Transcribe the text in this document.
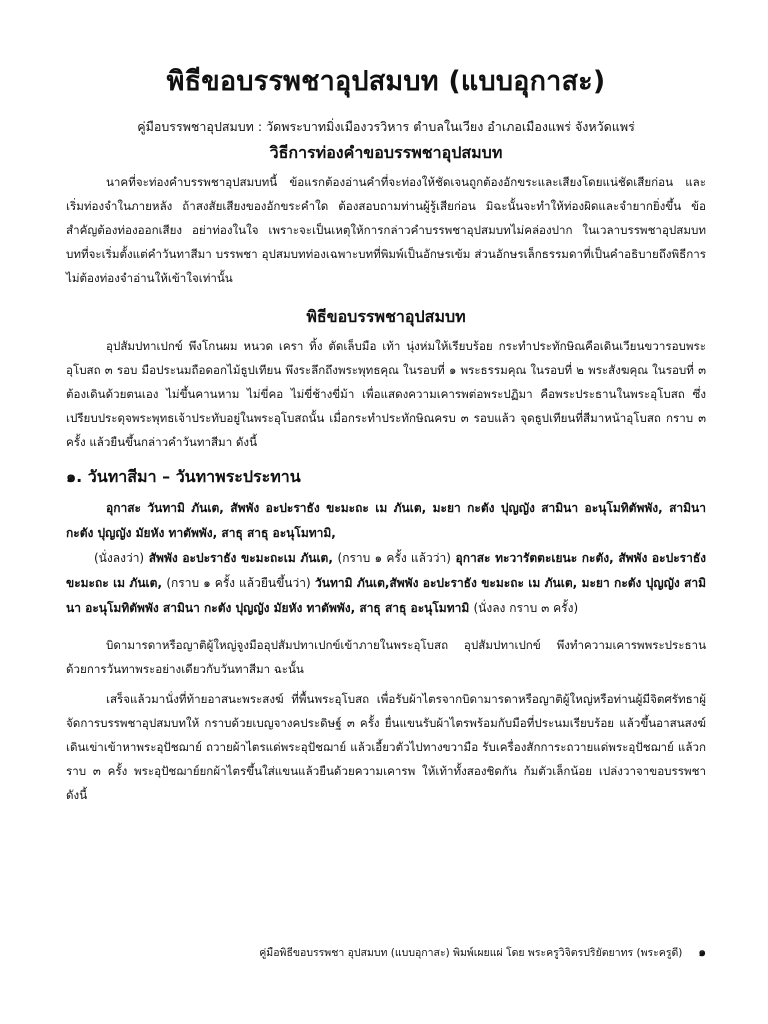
พิธีขอบรรพชาอุปสมบท (แบบอุกาสะ)

คู่มือบรรพชาอุปสมบท : วัดพระบาทมิ่งเมืองวรวิหาร ตำบลในเวียง อำเภอเมืองแพร่ จังหวัดแพร่

วิธีการท่องคำขอบรรพชาอุปสมบท

นาคที่จะท่องคำบรรพชาอุปสมบทนี้ ข้อแรกต้องอ่านคำที่จะท่องให้ชัดเจนถูกต้องอักขระและเสียงโดยแน่ชัดเสียก่อน และเริ่มท่องจำในภายหลัง ถ้าสงสัยเสียงของอักขระคำใด ต้องสอบถามท่านผู้รู้เสียก่อน มิฉะนั้นจะทำให้ท่องผิดและจำยากยิ่งขึ้น ข้อสำคัญต้องท่องออกเสียง อย่าท่องในใจ เพราะจะเป็นเหตุให้การกล่าวคำบรรพชาอุปสมบทไม่คล่องปาก ในเวลาบรรพชาอุปสมบท บทที่จะเริ่มตั้งแต่คำวันทาสีมา บรรพชา อุปสมบทท่องเฉพาะบทที่พิมพ์เป็นอักษรเข้ม ส่วนอักษรเล็กธรรมดาที่เป็นคำอธิบายถึงพิธีการไม่ต้องท่องจำอ่านให้เข้าใจเท่านั้น

พิธีขอบรรพชาอุปสมบท

อุปสัมปทาเปกข์ พึงโกนผม หนวด เครา ทิ้ง ตัดเล็บมือ เท้า นุ่งห่มให้เรียบร้อย กระทำประทักษิณคือเดินเวียนขวารอบพระอุโบสถ ๓ รอบ มือประนมถือดอกไม้ธูปเทียน พึงระลึกถึงพระพุทธคุณ ในรอบที่ ๑ พระธรรมคุณ ในรอบที่ ๒ พระสังฆคุณ ในรอบที่ ๓ ต้องเดินด้วยตนเอง ไม่ขึ้นคานหาม ไม่ขี่คอ ไม่ขี่ช้างขี่ม้า เพื่อแสดงความเคารพต่อพระปฏิมา คือพระประธานในพระอุโบสถ ซึ่งเปรียบประดุจพระพุทธเจ้าประทับอยู่ในพระอุโบสถนั้น เมื่อกระทำประทักษิณครบ ๓ รอบแล้ว จุดธูปเทียนที่สีมาหน้าอุโบสถ กราบ ๓ ครั้ง แล้วยืนขึ้นกล่าวคำวันทาสีมา ดังนี้

๑. วันทาสีมา – วันทาพระประทาน

อุกาสะ วันทามิ ภันเต, สัพพัง อะปะราธัง ขะมะถะ เม ภันเต, มะยา กะตัง ปุญญัง สามินา อะนุโมทิตัพพัง, สามินา กะตัง ปุญญัง มัยหัง ทาตัพพัง, สาธุ สาธุ อะนุโมทามิ,

(นั่งลงว่า) สัพพัง อะปะราธัง ขะมะถะเม ภันเต, (กราบ ๑ ครั้ง แล้วว่า) อุกาสะ ทะวารัตตะเยนะ กะตัง, สัพพัง อะปะราธัง ขะมะถะ เม ภันเต, (กราบ ๑ ครั้ง แล้วยืนขึ้นว่า) วันทามิ ภันเต,สัพพัง อะปะราธัง ขะมะถะ เม ภันเต, มะยา กะตัง ปุญญัง สามินา อะนุโมทิตัพพัง สามินา กะตัง ปุญญัง มัยหัง ทาตัพพัง, สาธุ สาธุ อะนุโมทามิ (นั่งลง กราบ ๓ ครั้ง)

บิดามารดาหรือญาติผู้ใหญ่จูงมืออุปสัมปทาเปกข์เข้าภายในพระอุโบสถ อุปสัมปทาเปกข์ พึงทำความเคารพพระประธาน ด้วยการวันทาพระอย่างเดียวกับวันทาสีมา ฉะนั้น

เสร็จแล้วมานั่งที่ท้ายอาสนะพระสงฆ์ ที่พื้นพระอุโบสถ เพื่อรับผ้าไตรจากบิดามารดาหรือญาติผู้ใหญ่หรือท่านผู้มีจิตศรัทธาผู้จัดการบรรพชาอุปสมบทให้ กราบด้วยเบญจางคประดิษฐ์ ๓ ครั้ง ยื่นแขนรับผ้าไตรพร้อมกับมือที่ประนมเรียบร้อย แล้วขึ้นอาสนสงฆ์เดินเข่าเข้าหาพระอุปัชฌาย์ ถวายผ้าไตรแด่พระอุปัชฌาย์ แล้วเอี้ยวตัวไปทางขวามือ รับเครื่องสักการะถวายแด่พระอุปัชฌาย์ แล้วกราบ ๓ ครั้ง พระอุปัชฌาย์ยกผ้าไตรขึ้นใส่แขนแล้วยืนด้วยความเคารพ ให้เท้าทั้งสองชิดกัน ก้มตัวเล็กน้อย เปล่งวาจาขอบรรพชา ดังนี้

คู่มือพิธีขอบรรพชา อุปสมบท (แบบอุกาสะ) พิมพ์เผยแผ่ โดย พระครูวิจิตรปริยัตยาทร (พระครูดี) ๑
